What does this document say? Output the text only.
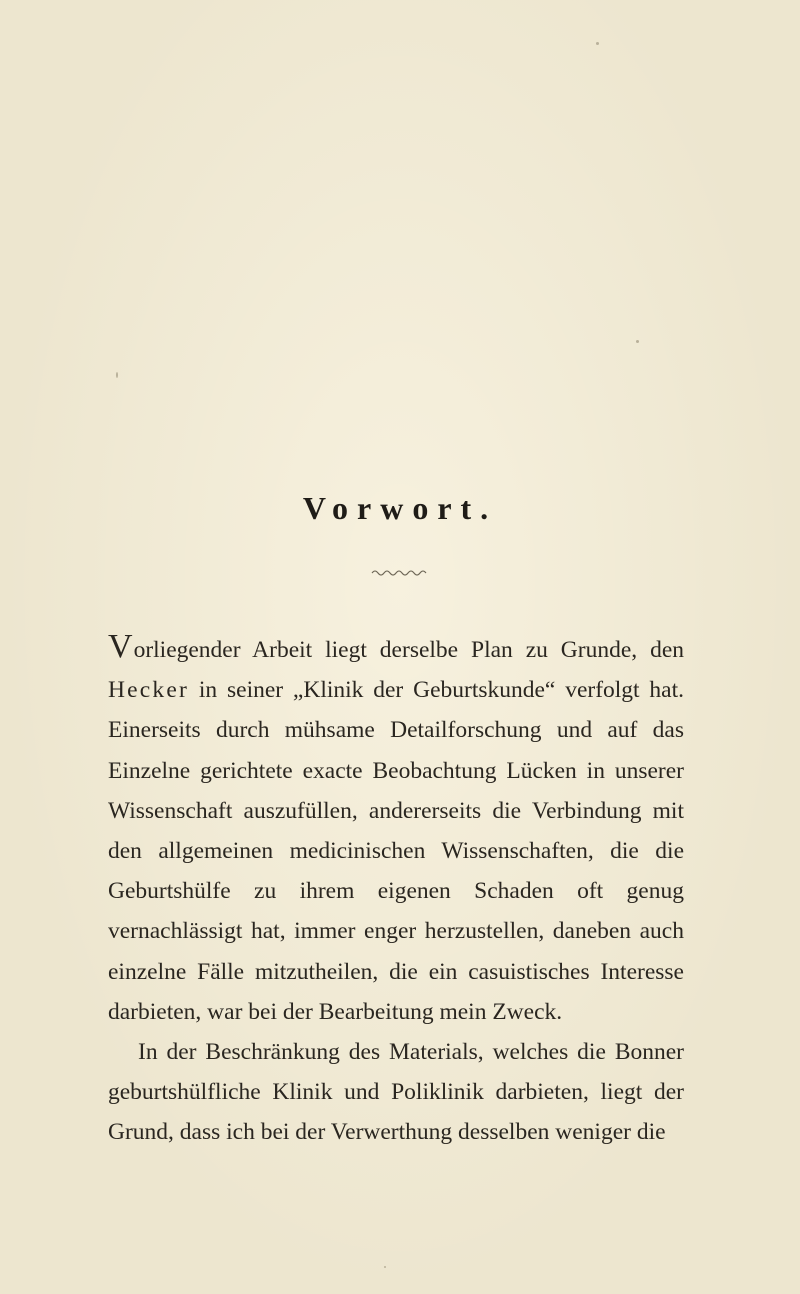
Vorwort.

Vorliegender Arbeit liegt derselbe Plan zu Grunde, den Hecker in seiner „Klinik der Geburtskunde“ verfolgt hat. Einerseits durch mühsame Detailforschung und auf das Einzelne gerichtete exacte Beobachtung Lücken in unserer Wissenschaft auszufüllen, andererseits die Verbindung mit den allgemeinen medicinischen Wissenschaften, die die Geburtshülfe zu ihrem eigenen Schaden oft genug vernachlässigt hat, immer enger herzustellen, daneben auch einzelne Fälle mitzutheilen, die ein casuistisches Interesse darbieten, war bei der Bearbeitung mein Zweck.

In der Beschränkung des Materials, welches die Bonner geburtshülfliche Klinik und Poliklinik darbieten, liegt der Grund, dass ich bei der Verwerthung desselben weniger die
